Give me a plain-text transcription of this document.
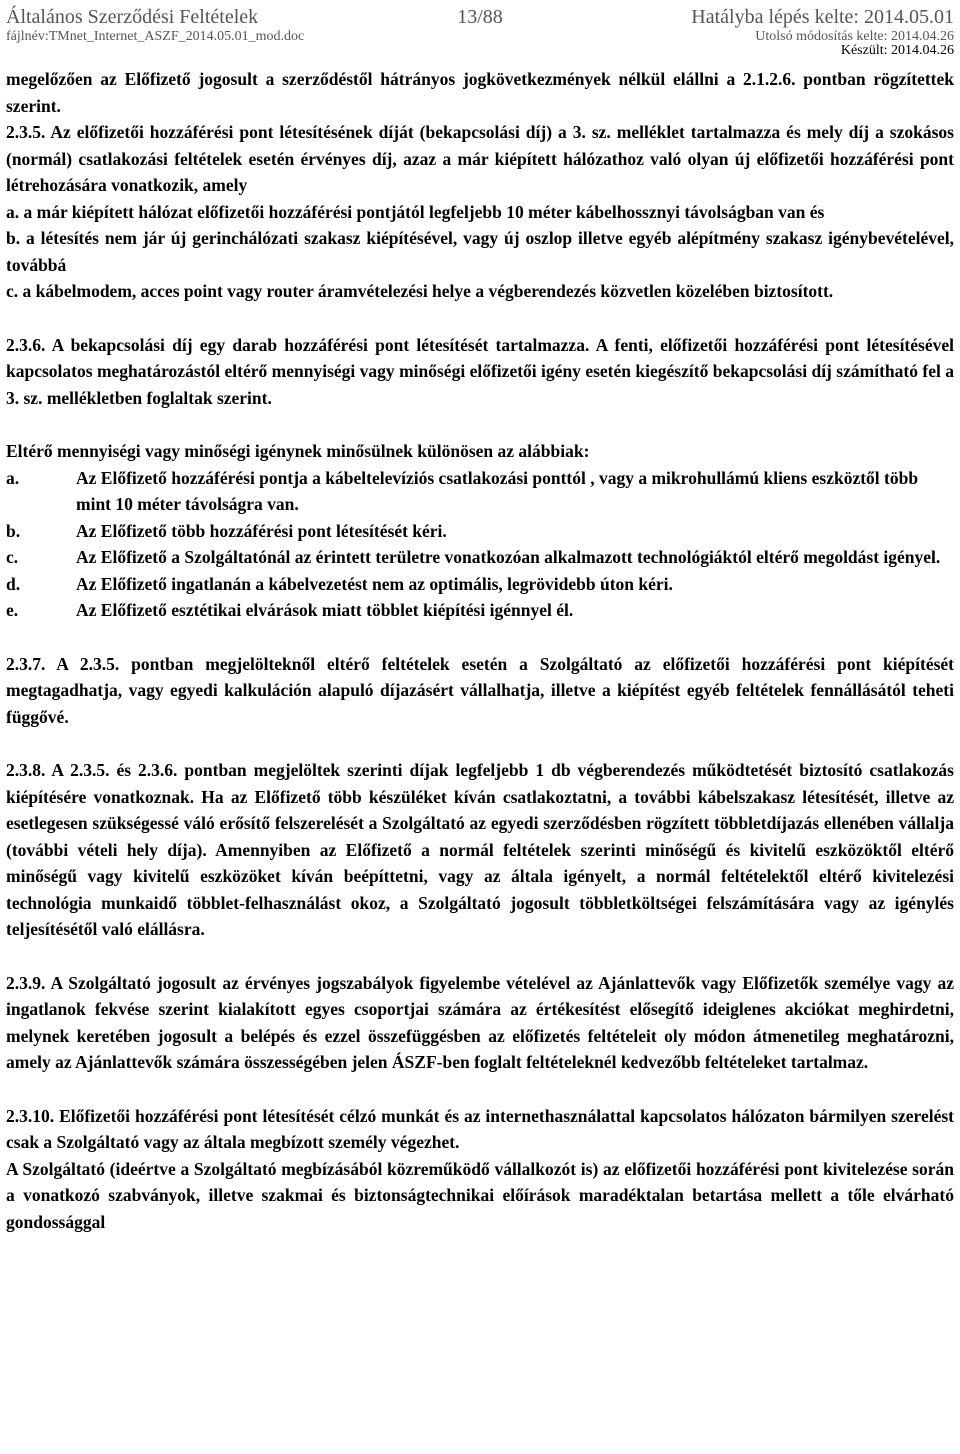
Általános Szerződési Feltételek
fájlnév:TMnet_Internet_ASZF_2014.05.01_mod.doc
13/88	Hatályba lépés kelte: 2014.05.01
Utolsó módosítás kelte: 2014.04.26
Készült: 2014.04.26

megelőzően az Előfizető jogosult a szerződéstől hátrányos jogkövetkezmények nélkül elállni a 2.1.2.6. pontban rögzítettek szerint.

2.3.5. Az előfizetői hozzáférési pont létesítésének díját (bekapcsolási díj) a 3. sz. melléklet tartalmazza és mely díj a szokásos (normál) csatlakozási feltételek esetén érvényes díj, azaz a már kiépített hálózathoz való olyan új előfizetői hozzáférési pont létrehozására vonatkozik, amely

a. a már kiépített hálózat előfizetői hozzáférési pontjától legfeljebb 10 méter kábelhossznyi távolságban van és

b. a létesítés nem jár új gerinchálózati szakasz kiépítésével, vagy új oszlop illetve egyéb alépítmény szakasz igénybevételével, továbbá

c. a kábelmodem, acces point vagy router áramvételezési helye a végberendezés közvetlen közelében biztosított.

2.3.6. A bekapcsolási díj egy darab hozzáférési pont létesítését tartalmazza. A fenti, előfizetői hozzáférési pont létesítésével kapcsolatos meghatározástól eltérő mennyiségi vagy minőségi előfizetői igény esetén kiegészítő bekapcsolási díj számítható fel a 3. sz. mellékletben foglaltak szerint.

Eltérő mennyiségi vagy minőségi igénynek minősülnek különösen az alábbiak:

a.	Az Előfizető hozzáférési pontja a kábeltelevíziós csatlakozási ponttól , vagy a mikrohullámú kliens eszköztől több mint 10 méter távolságra van.
b.	Az Előfizető több hozzáférési pont létesítését kéri.
c.	Az Előfizető a Szolgáltatónál az érintett területre vonatkozóan alkalmazott technológiáktól eltérő megoldást igényel.
d.	Az Előfizető ingatlanán a kábelvezetést nem az optimális, legrövidebb úton kéri.
e.	Az Előfizető esztétikai elvárások miatt többlet kiépítési igénnyel él.

2.3.7. A 2.3.5. pontban megjelölteknől eltérő feltételek esetén a Szolgáltató az előfizetői hozzáférési pont kiépítését megtagadhatja, vagy egyedi kalkuláción alapuló díjazásért vállalhatja, illetve a kiépítést egyéb feltételek fennállásától teheti függővé.

2.3.8. A 2.3.5. és 2.3.6. pontban megjelöltek szerinti díjak legfeljebb 1 db végberendezés működtetését biztosító csatlakozás kiépítésére vonatkoznak. Ha az Előfizető több készüléket kíván csatlakoztatni, a további kábelszakasz létesítését, illetve az esetlegesen szükségessé váló erősítő felszerelését a Szolgáltató az egyedi szerződésben rögzített többletdíjazás ellenében vállalja (további vételi hely díja). Amennyiben az Előfizető a normál feltételek szerinti minőségű és kivitelű eszközöktől eltérő minőségű vagy kivitelű eszközöket kíván beépíttetni, vagy az általa igényelt, a normál feltételektől eltérő kivitelezési technológia munkaidő többlet-felhasználást okoz, a Szolgáltató jogosult többletköltségei felszámítására vagy az igénylés teljesítésétől való elállásra.

2.3.9. A Szolgáltató jogosult az érvényes jogszabályok figyelembe vételével az Ajánlattevők vagy Előfizetők személye vagy az ingatlanok fekvése szerint kialakított egyes csoportjai számára az értékesítést elősegítő ideiglenes akciókat meghirdetni, melynek keretében jogosult a belépés és ezzel összefüggésben az előfizetés feltételeit oly módon átmenetileg meghatározni, amely az Ajánlattevők számára összességében jelen ÁSZF-ben foglalt feltételeknél kedvezőbb feltételeket tartalmaz.

2.3.10. Előfizetői hozzáférési pont létesítését célzó munkát és az internethasználattal kapcsolatos hálózaton bármilyen szerelést csak a Szolgáltató vagy az általa megbízott személy végezhet.

A Szolgáltató (ideértve a Szolgáltató megbízásából közreműködő vállalkozót is) az előfizetői hozzáférési pont kivitelezése során a vonatkozó szabványok, illetve szakmai és biztonságtechnikai előírások maradéktalan betartása mellett a tőle elvárható gondossággal
